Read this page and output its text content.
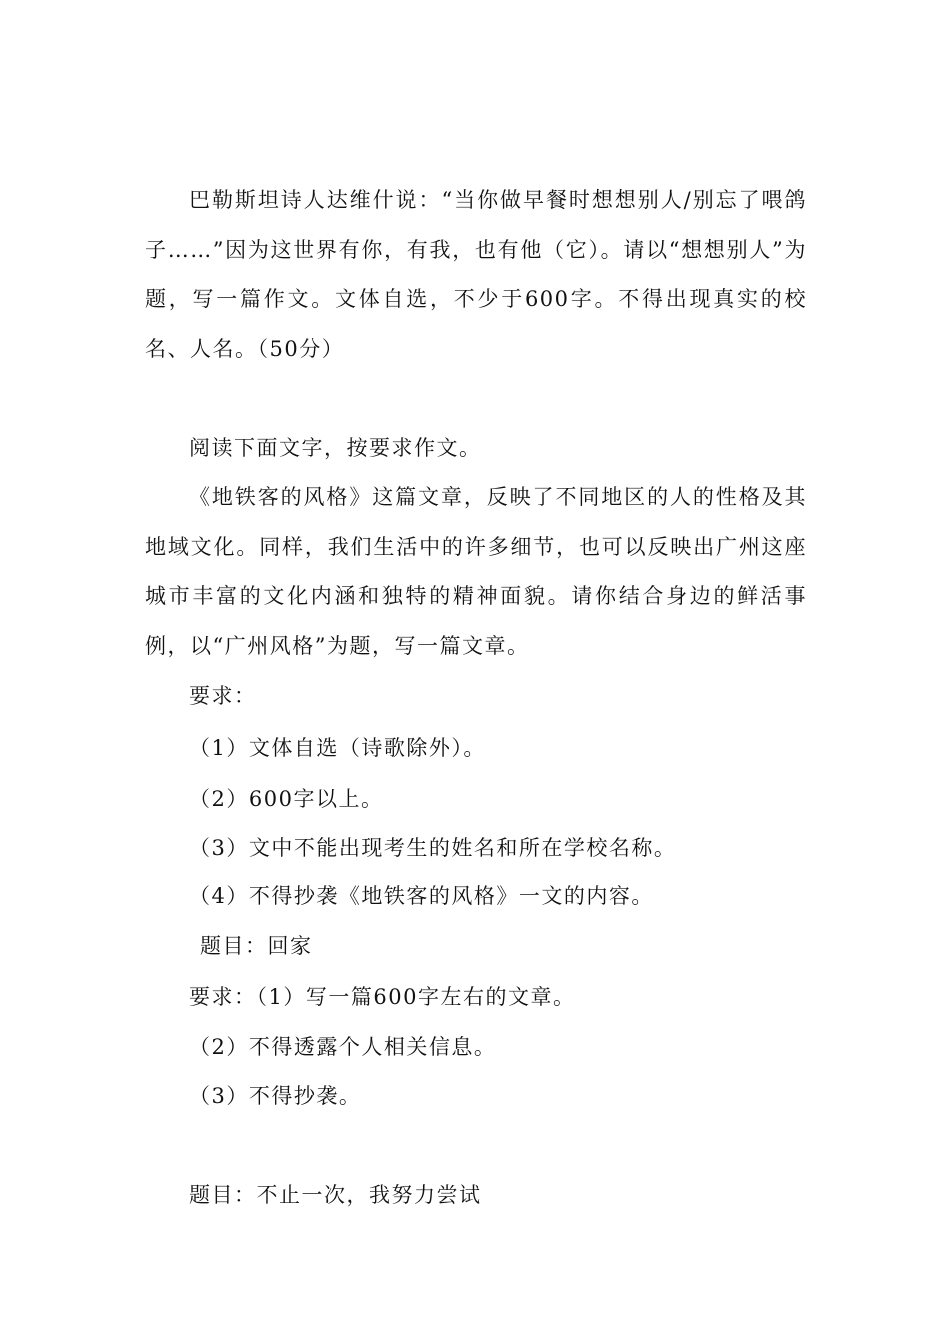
巴勒斯坦诗人达维什说：“当你做早餐时想想别人/别忘了喂鸽子……”因为这世界有你，有我，也有他（它）。请以“想想别人”为题，写一篇作文。文体自选，不少于600字。不得出现真实的校名、人名。（50分）
阅读下面文字，按要求作文。
《地铁客的风格》这篇文章，反映了不同地区的人的性格及其地域文化。同样，我们生活中的许多细节，也可以反映出广州这座城市丰富的文化内涵和独特的精神面貌。请你结合身边的鲜活事例，以“广州风格”为题，写一篇文章。
要求：
（1）文体自选（诗歌除外）。
（2）600字以上。
（3）文中不能出现考生的姓名和所在学校名称。
（4）不得抄袭《地铁客的风格》一文的内容。
题目：回家
要求：（1）写一篇600字左右的文章。
（2）不得透露个人相关信息。
（3）不得抄袭。
题目：不止一次，我努力尝试
